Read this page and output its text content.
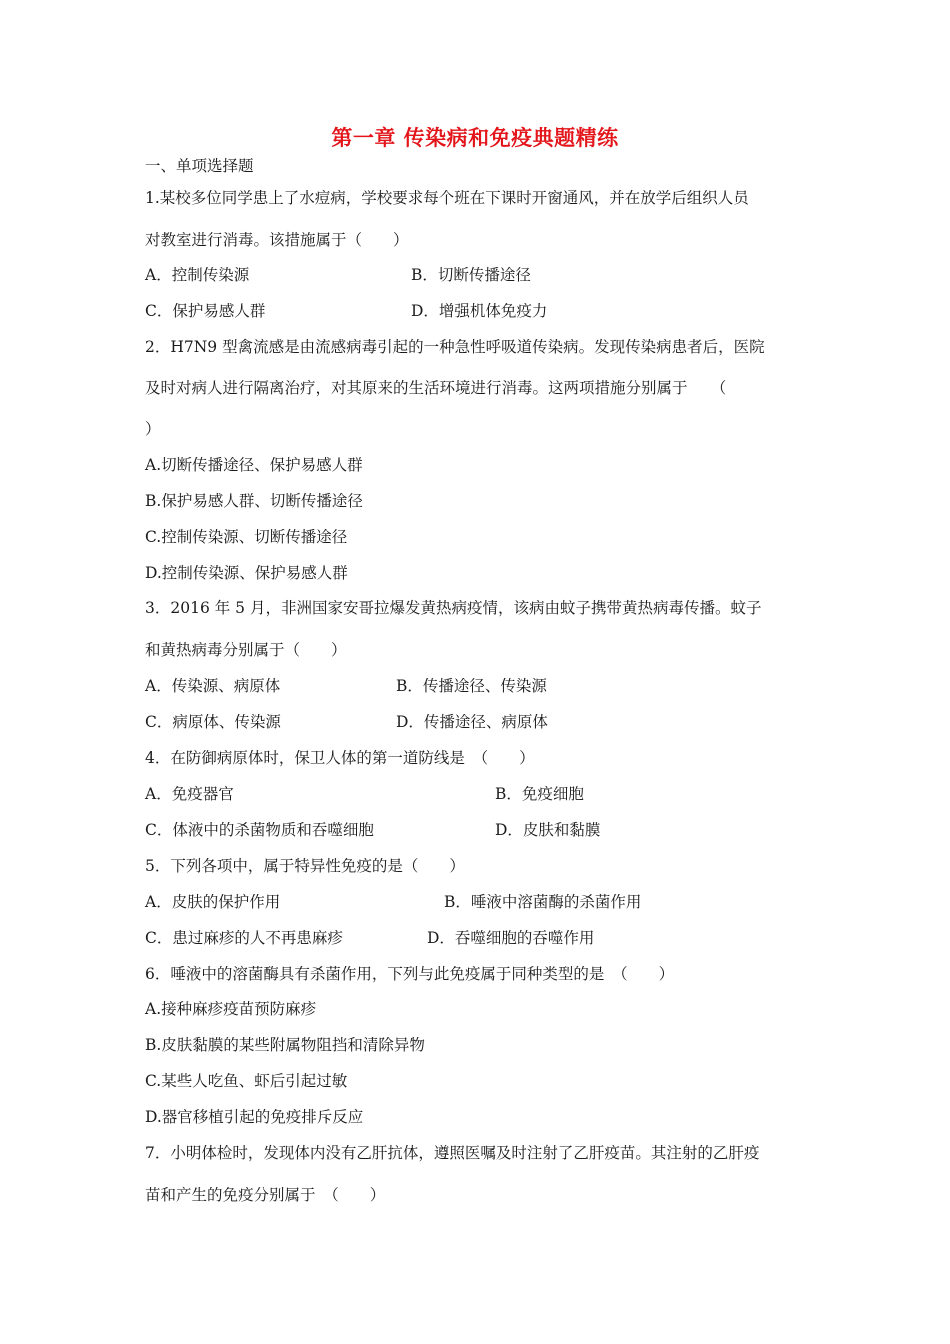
第一章 传染病和免疫典题精练
一、单项选择题
1.某校多位同学患上了水痘病，学校要求每个班在下课时开窗通风，并在放学后组织人员
对教室进行消毒。该措施属于（　　）
A．控制传染源	B．切断传播途径
C．保护易感人群	D．增强机体免疫力
2．H7N9 型禽流感是由流感病毒引起的一种急性呼吸道传染病。发现传染病患者后，医院
及时对病人进行隔离治疗，对其原来的生活环境进行消毒。这两项措施分别属于　　（
）
A.切断传播途径、保护易感人群
B.保护易感人群、切断传播途径
C.控制传染源、切断传播途径
D.控制传染源、保护易感人群
3．2016 年 5 月，非洲国家安哥拉爆发黄热病疫情，该病由蚊子携带黄热病毒传播。蚊子
和黄热病毒分别属于（　　）
A．传染源、病原体	B．传播途径、传染源
C．病原体、传染源	D．传播途径、病原体
4．在防御病原体时，保卫人体的第一道防线是　（　　）
A．免疫器官	B．免疫细胞
C．体液中的杀菌物质和吞噬细胞	D．皮肤和黏膜
5．下列各项中，属于特异性免疫的是（　　）
A．皮肤的保护作用	B．唾液中溶菌酶的杀菌作用
C．患过麻疹的人不再患麻疹	D．吞噬细胞的吞噬作用
6．唾液中的溶菌酶具有杀菌作用，下列与此免疫属于同种类型的是　（　　）
A.接种麻疹疫苗预防麻疹
B.皮肤黏膜的某些附属物阻挡和清除异物
C.某些人吃鱼、虾后引起过敏
D.器官移植引起的免疫排斥反应
7．小明体检时，发现体内没有乙肝抗体，遵照医嘱及时注射了乙肝疫苗。其注射的乙肝疫
苗和产生的免疫分别属于　（　　）
